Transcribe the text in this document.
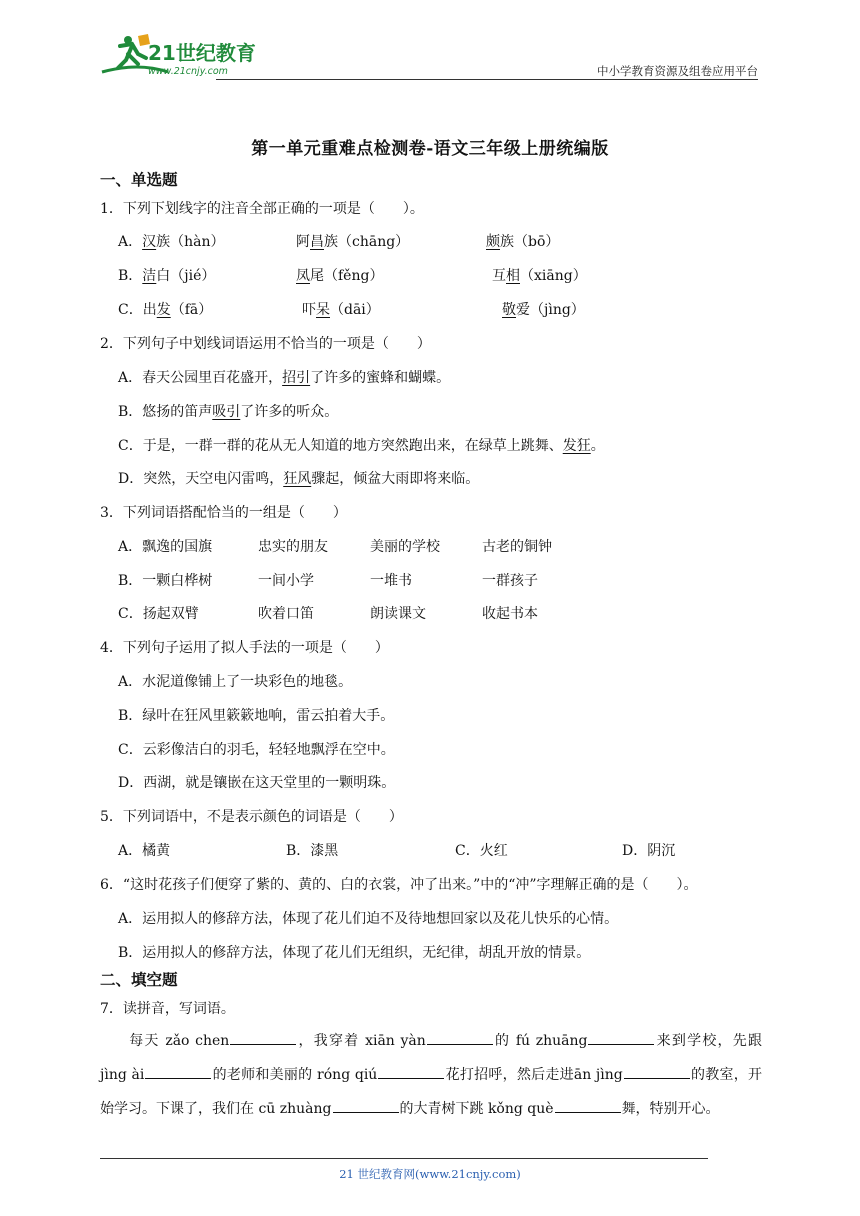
21世纪教育
www.21cnjy.com	中小学教育资源及组卷应用平台
第一单元重难点检测卷-语文三年级上册统编版
一、单选题
1．下列下划线字的注音全部正确的一项是（　　）。
A．汉族（hàn）	阿昌族（chāng）	颇族（bō）
B．洁白（jié）	凤尾（fěng）	互相（xiāng）
C．出发（fā）	吓呆（dāi）	敬爱（jìng）
2．下列句子中划线词语运用不恰当的一项是（　　）
A．春天公园里百花盛开，招引了许多的蜜蜂和蝴蝶。
B．悠扬的笛声吸引了许多的听众。
C．于是，一群一群的花从无人知道的地方突然跑出来，在绿草上跳舞、发狂。
D．突然，天空电闪雷鸣，狂风骤起，倾盆大雨即将来临。
3．下列词语搭配恰当的一组是（　　）
A．飘逸的国旗	忠实的朋友	美丽的学校	古老的铜钟
B．一颗白桦树	一间小学	一堆书	一群孩子
C．扬起双臂	吹着口笛	朗读课文	收起书本
4．下列句子运用了拟人手法的一项是（　　）
A．水泥道像铺上了一块彩色的地毯。
B．绿叶在狂风里簌簌地响，雷云拍着大手。
C．云彩像洁白的羽毛，轻轻地飘浮在空中。
D．西湖，就是镶嵌在这天堂里的一颗明珠。
5．下列词语中，不是表示颜色的词语是（　　）
A．橘黄	B．漆黑	C．火红	D．阴沉
6．“这时花孩子们便穿了紫的、黄的、白的衣裳，冲了出来。”中的“冲”字理解正确的是（　　）。
A．运用拟人的修辞方法，体现了花儿们迫不及待地想回家以及花儿快乐的心情。
B．运用拟人的修辞方法，体现了花儿们无组织，无纪律，胡乱开放的情景。
二、填空题
7．读拼音，写词语。
每天 zǎo chen	，我穿着 xiān yàn	的 fú zhuāng	来到学校，先跟 jìng ài	的老师和美丽的 róng qiú	花打招呼，然后走进ān jìng	的教室，开始学习。下课了，我们在 cū zhuàng	的大青树下跳 kǒng què	舞，特别开心。
21 世纪教育网(www.21cnjy.com)
